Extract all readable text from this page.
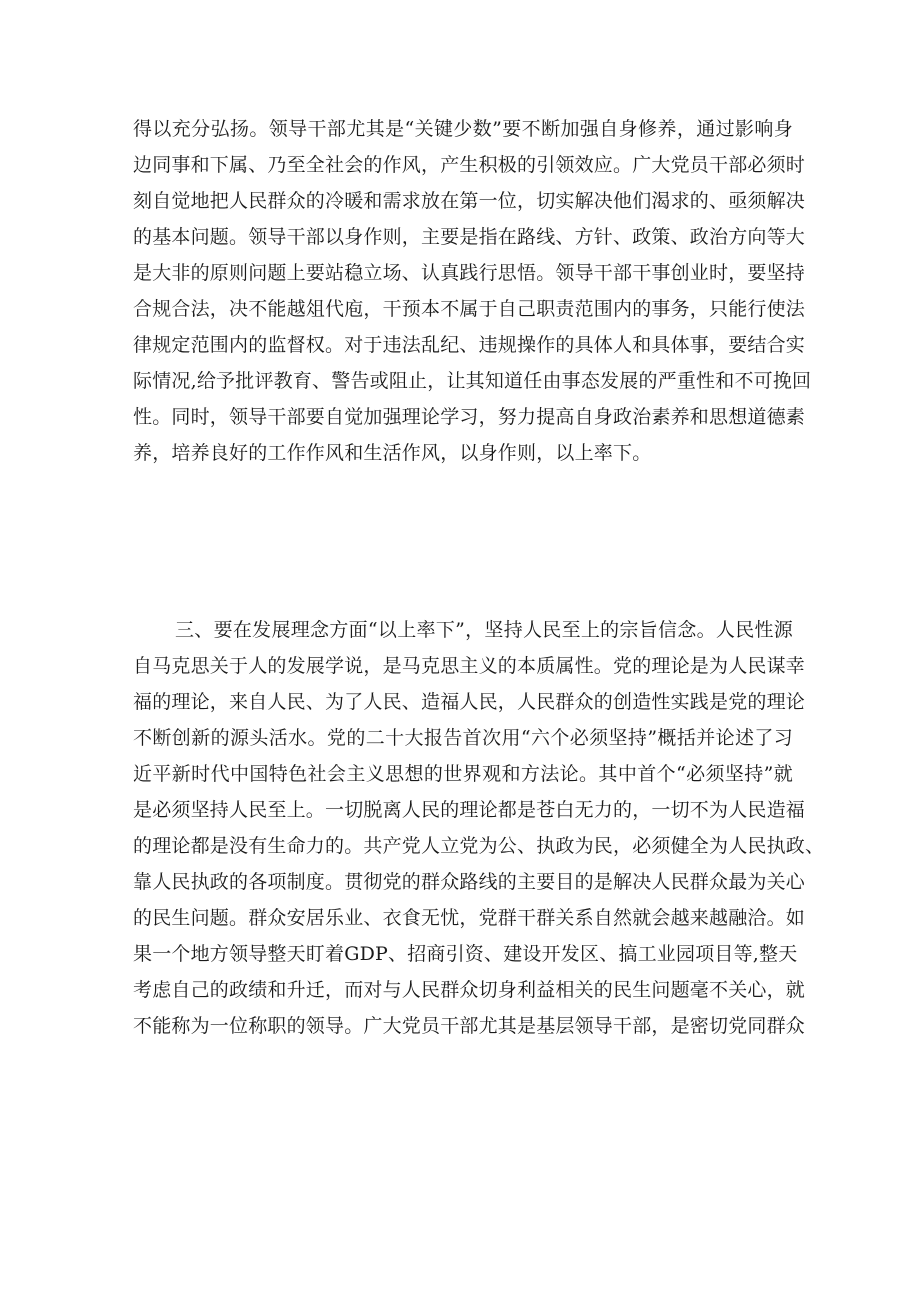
得以充分弘扬。领导干部尤其是“关键少数”要不断加强自身修养，通过影响身
边同事和下属、乃至全社会的作风，产生积极的引领效应。广大党员干部必须时
刻自觉地把人民群众的冷暖和需求放在第一位，切实解决他们渴求的、亟须解决
的基本问题。领导干部以身作则，主要是指在路线、方针、政策、政治方向等大
是大非的原则问题上要站稳立场、认真践行思悟。领导干部干事创业时，要坚持
合规合法，决不能越俎代庖，干预本不属于自己职责范围内的事务，只能行使法
律规定范围内的监督权。对于违法乱纪、违规操作的具体人和具体事，要结合实
际情况,给予批评教育、警告或阻止，让其知道任由事态发展的严重性和不可挽回
性。同时，领导干部要自觉加强理论学习，努力提高自身政治素养和思想道德素
养，培养良好的工作作风和生活作风，以身作则，以上率下。
三、要在发展理念方面“以上率下”，坚持人民至上的宗旨信念。人民性源
自马克思关于人的发展学说，是马克思主义的本质属性。党的理论是为人民谋幸
福的理论，来自人民、为了人民、造福人民，人民群众的创造性实践是党的理论
不断创新的源头活水。党的二十大报告首次用“六个必须坚持”概括并论述了习
近平新时代中国特色社会主义思想的世界观和方法论。其中首个“必须坚持”就
是必须坚持人民至上。一切脱离人民的理论都是苍白无力的，一切不为人民造福
的理论都是没有生命力的。共产党人立党为公、执政为民，必须健全为人民执政、
靠人民执政的各项制度。贯彻党的群众路线的主要目的是解决人民群众最为关心
的民生问题。群众安居乐业、衣食无忧，党群干群关系自然就会越来越融洽。如
果一个地方领导整天盯着GDP、招商引资、建设开发区、搞工业园项目等,整天
考虑自己的政绩和升迁，而对与人民群众切身利益相关的民生问题毫不关心，就
不能称为一位称职的领导。广大党员干部尤其是基层领导干部，是密切党同群众
